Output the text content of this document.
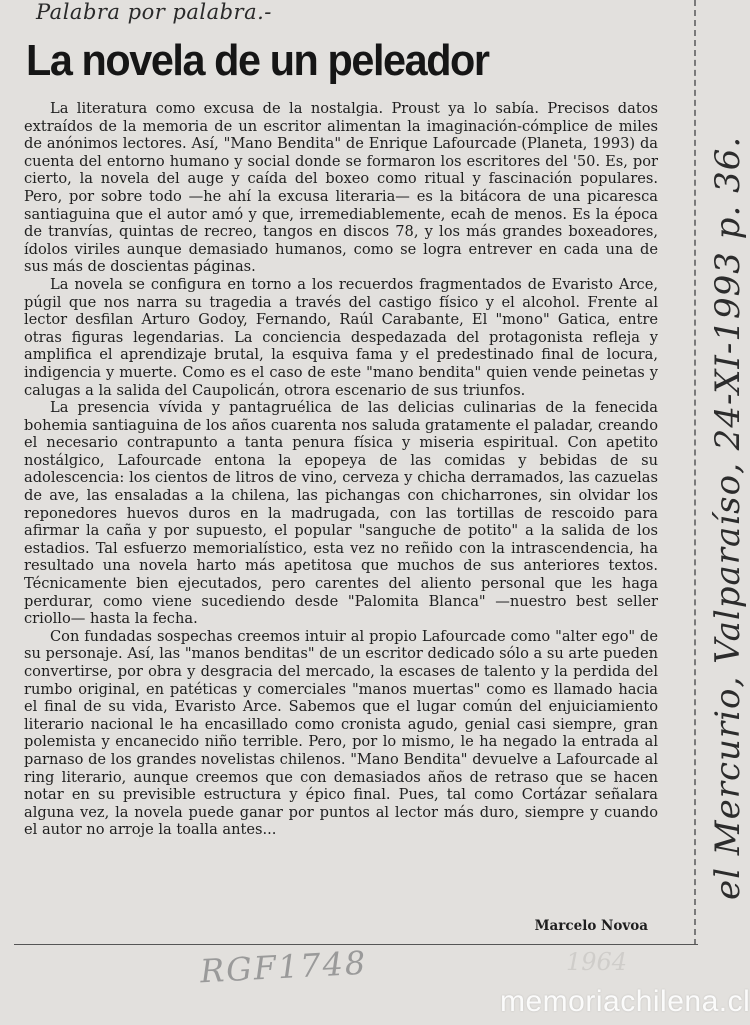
Palabra por palabra.-

La novela de un peleador

La literatura como excusa de la nostalgia. Proust ya lo sabía. Precisos datos extraídos de la memoria de un escritor alimentan la imaginación-cómplice de miles de anónimos lectores. Así, "Mano Bendita" de Enrique Lafourcade (Planeta, 1993) da cuenta del entorno humano y social donde se formaron los escritores del '50. Es, por cierto, la novela del auge y caída del boxeo como ritual y fascinación populares. Pero, por sobre todo —he ahí la excusa literaria— es la bitácora de una picaresca santiaguina que el autor amó y que, irremediablemente, ecah de menos. Es la época de tranvías, quintas de recreo, tangos en discos 78, y los más grandes boxeadores, ídolos viriles aunque demasiado humanos, como se logra entrever en cada una de sus más de doscientas páginas.

La novela se configura en torno a los recuerdos fragmentados de Evaristo Arce, púgil que nos narra su tragedia a través del castigo físico y el alcohol. Frente al lector desfilan Arturo Godoy, Fernando, Raúl Carabante, El "mono" Gatica, entre otras figuras legendarias. La conciencia despedazada del protagonista refleja y amplifica el aprendizaje brutal, la esquiva fama y el predestinado final de locura, indigencia y muerte. Como es el caso de este "mano bendita" quien vende peinetas y calugas a la salida del Caupolicán, otrora escenario de sus triunfos.

La presencia vívida y pantagruélica de las delicias culinarias de la fenecida bohemia santiaguina de los años cuarenta nos saluda gratamente el paladar, creando el necesario contrapunto a tanta penura física y miseria espiritual. Con apetito nostálgico, Lafourcade entona la epopeya de las comidas y bebidas de su adolescencia: los cientos de litros de vino, cerveza y chicha derramados, las cazuelas de ave, las ensaladas a la chilena, las pichangas con chicharrones, sin olvidar los reponedores huevos duros en la madrugada, con las tortillas de rescoido para afirmar la caña y por supuesto, el popular "sanguche de potito" a la salida de los estadios. Tal esfuerzo memorialístico, esta vez no reñido con la intrascendencia, ha resultado una novela harto más apetitosa que muchos de sus anteriores textos. Técnicamente bien ejecutados, pero carentes del aliento personal que les haga perdurar, como viene sucediendo desde "Palomita Blanca" —nuestro best seller criollo— hasta la fecha.

Con fundadas sospechas creemos intuir al propio Lafourcade como "alter ego" de su personaje. Así, las "manos benditas" de un escritor dedicado sólo a su arte pueden convertirse, por obra y desgracia del mercado, la escases de talento y la perdida del rumbo original, en patéticas y comerciales "manos muertas" como es llamado hacia el final de su vida, Evaristo Arce. Sabemos que el lugar común del enjuiciamiento literario nacional le ha encasillado como cronista agudo, genial casi siempre, gran polemista y encanecido niño terrible. Pero, por lo mismo, le ha negado la entrada al parnaso de los grandes novelistas chilenos. "Mano Bendita" devuelve a Lafourcade al ring literario, aunque creemos que con demasiados años de retraso que se hacen notar en su previsible estructura y épico final. Pues, tal como Cortázar señalara alguna vez, la novela puede ganar por puntos al lector más duro, siempre y cuando el autor no arroje la toalla antes...

Marcelo Novoa

el Mercurio, Valparaíso, 24-XI-1993 p. 36.

RGF1748	1964

memoriachilena.cl
